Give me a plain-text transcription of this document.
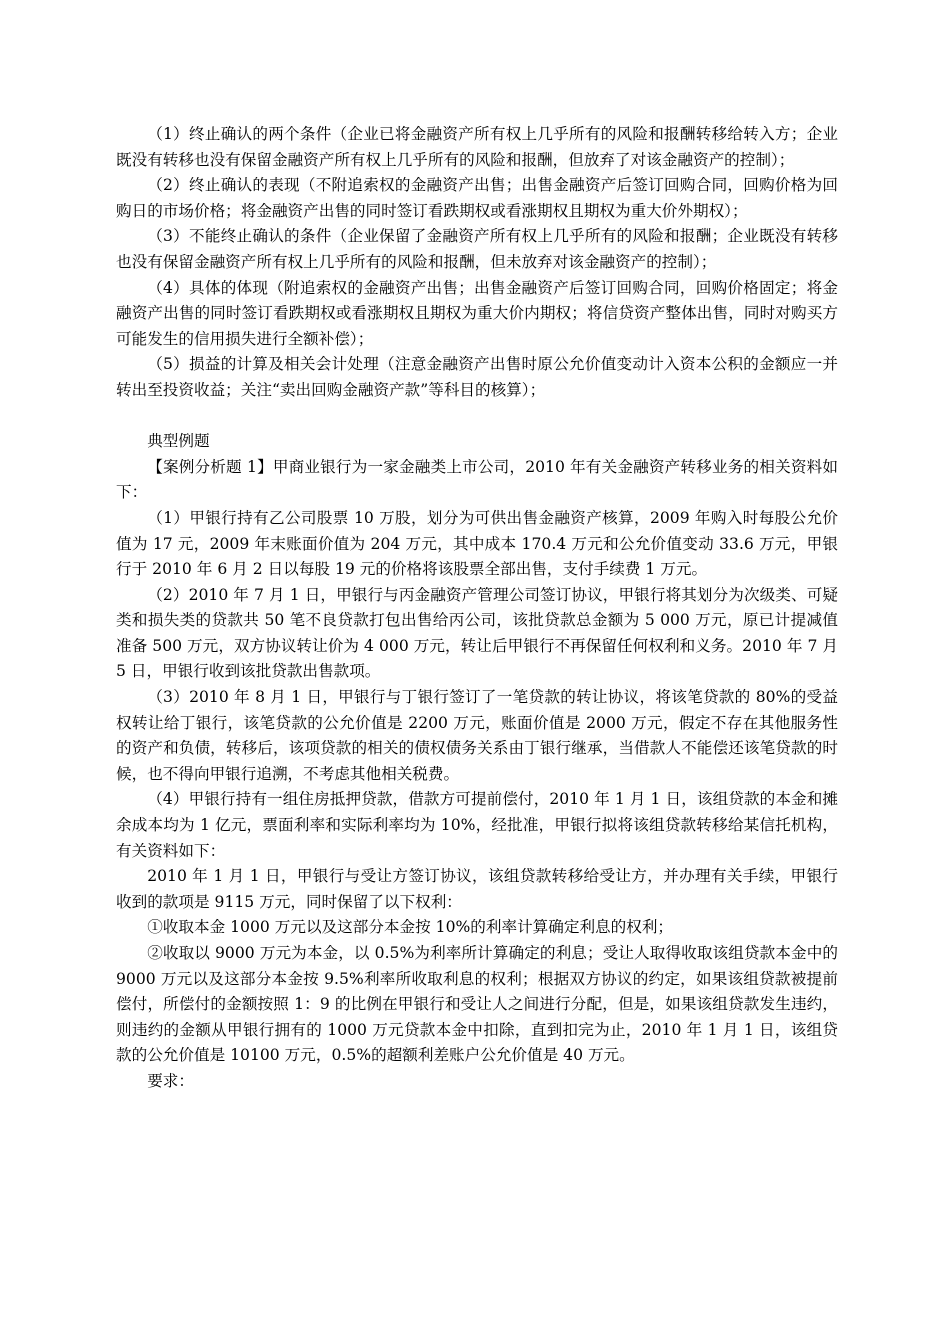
（1）终止确认的两个条件（企业已将金融资产所有权上几乎所有的风险和报酬转移给转入方；企业既没有转移也没有保留金融资产所有权上几乎所有的风险和报酬，但放弃了对该金融资产的控制）；

（2）终止确认的表现（不附追索权的金融资产出售；出售金融资产后签订回购合同，回购价格为回购日的市场价格；将金融资产出售的同时签订看跌期权或看涨期权且期权为重大价外期权）；

（3）不能终止确认的条件（企业保留了金融资产所有权上几乎所有的风险和报酬；企业既没有转移也没有保留金融资产所有权上几乎所有的风险和报酬，但未放弃对该金融资产的控制）；

（4）具体的体现（附追索权的金融资产出售；出售金融资产后签订回购合同，回购价格固定；将金融资产出售的同时签订看跌期权或看涨期权且期权为重大价内期权；将信贷资产整体出售，同时对购买方可能发生的信用损失进行全额补偿）；

（5）损益的计算及相关会计处理（注意金融资产出售时原公允价值变动计入资本公积的金额应一并转出至投资收益；关注“卖出回购金融资产款”等科目的核算）；

典型例题

【案例分析题 1】甲商业银行为一家金融类上市公司，2010 年有关金融资产转移业务的相关资料如下：

（1）甲银行持有乙公司股票 10 万股，划分为可供出售金融资产核算，2009 年购入时每股公允价值为 17 元，2009 年末账面价值为 204 万元，其中成本 170.4 万元和公允价值变动 33.6 万元，甲银行于 2010 年 6 月 2 日以每股 19 元的价格将该股票全部出售，支付手续费 1 万元。

（2）2010 年 7 月 1 日，甲银行与丙金融资产管理公司签订协议，甲银行将其划分为次级类、可疑类和损失类的贷款共 50 笔不良贷款打包出售给丙公司，该批贷款总金额为 5 000 万元，原已计提减值准备 500 万元，双方协议转让价为 4 000 万元，转让后甲银行不再保留任何权利和义务。2010 年 7 月 5 日，甲银行收到该批贷款出售款项。

（3）2010 年 8 月 1 日，甲银行与丁银行签订了一笔贷款的转让协议，将该笔贷款的 80%的受益权转让给丁银行，该笔贷款的公允价值是 2200 万元，账面价值是 2000 万元，假定不存在其他服务性的资产和负债，转移后，该项贷款的相关的债权债务关系由丁银行继承，当借款人不能偿还该笔贷款的时候，也不得向甲银行追溯，不考虑其他相关税费。

（4）甲银行持有一组住房抵押贷款，借款方可提前偿付，2010 年 1 月 1 日，该组贷款的本金和摊余成本均为 1 亿元，票面利率和实际利率均为 10%，经批准，甲银行拟将该组贷款转移给某信托机构，有关资料如下：

2010 年 1 月 1 日，甲银行与受让方签订协议，该组贷款转移给受让方，并办理有关手续，甲银行收到的款项是 9115 万元，同时保留了以下权利：

①收取本金 1000 万元以及这部分本金按 10%的利率计算确定利息的权利；

②收取以 9000 万元为本金，以 0.5%为利率所计算确定的利息；受让人取得收取该组贷款本金中的 9000 万元以及这部分本金按 9.5%利率所收取利息的权利；根据双方协议的约定，如果该组贷款被提前偿付，所偿付的金额按照 1：9 的比例在甲银行和受让人之间进行分配，但是，如果该组贷款发生违约，则违约的金额从甲银行拥有的 1000 万元贷款本金中扣除，直到扣完为止，2010 年 1 月 1 日，该组贷款的公允价值是 10100 万元，0.5%的超额利差账户公允价值是 40 万元。

要求：
